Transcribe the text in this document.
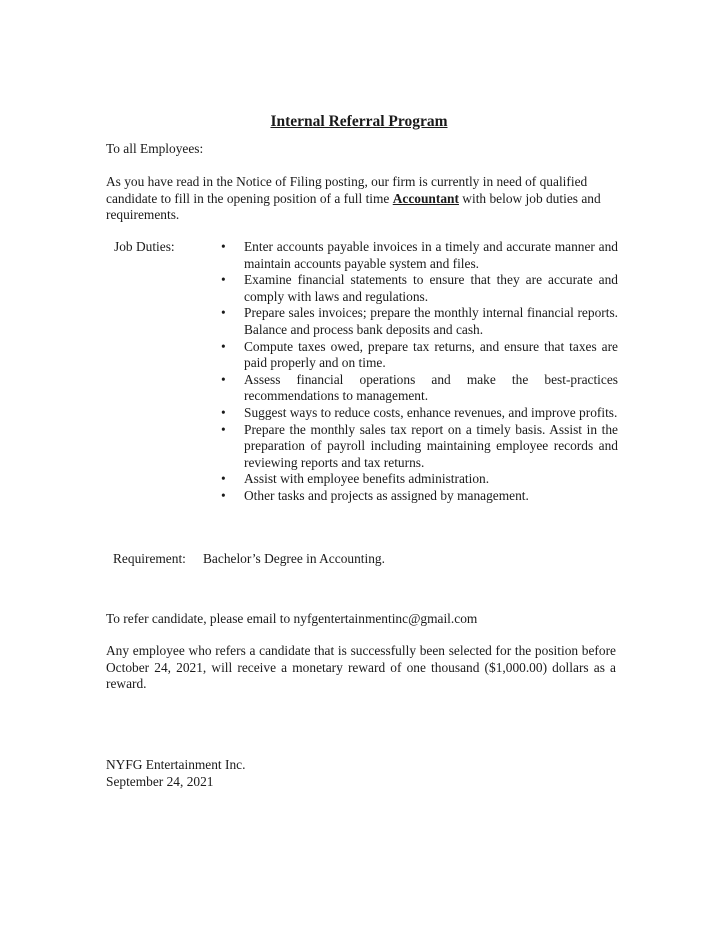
Internal Referral Program
To all Employees:
As you have read in the Notice of Filing posting, our firm is currently in need of qualified candidate to fill in the opening position of a full time Accountant with below job duties and requirements.
Job Duties:	• Enter accounts payable invoices in a timely and accurate manner and maintain accounts payable system and files.
• Examine financial statements to ensure that they are accurate and comply with laws and regulations.
• Prepare sales invoices; prepare the monthly internal financial reports. Balance and process bank deposits and cash.
• Compute taxes owed, prepare tax returns, and ensure that taxes are paid properly and on time.
• Assess financial operations and make the best-practices recommendations to management.
• Suggest ways to reduce costs, enhance revenues, and improve profits.
• Prepare the monthly sales tax report on a timely basis. Assist in the preparation of payroll including maintaining employee records and reviewing reports and tax returns.
• Assist with employee benefits administration.
• Other tasks and projects as assigned by management.
Requirement: Bachelor’s Degree in Accounting.
To refer candidate, please email to nyfgentertainmentinc@gmail.com
Any employee who refers a candidate that is successfully been selected for the position before October 24, 2021, will receive a monetary reward of one thousand ($1,000.00) dollars as a reward.
NYFG Entertainment Inc.
September 24, 2021
